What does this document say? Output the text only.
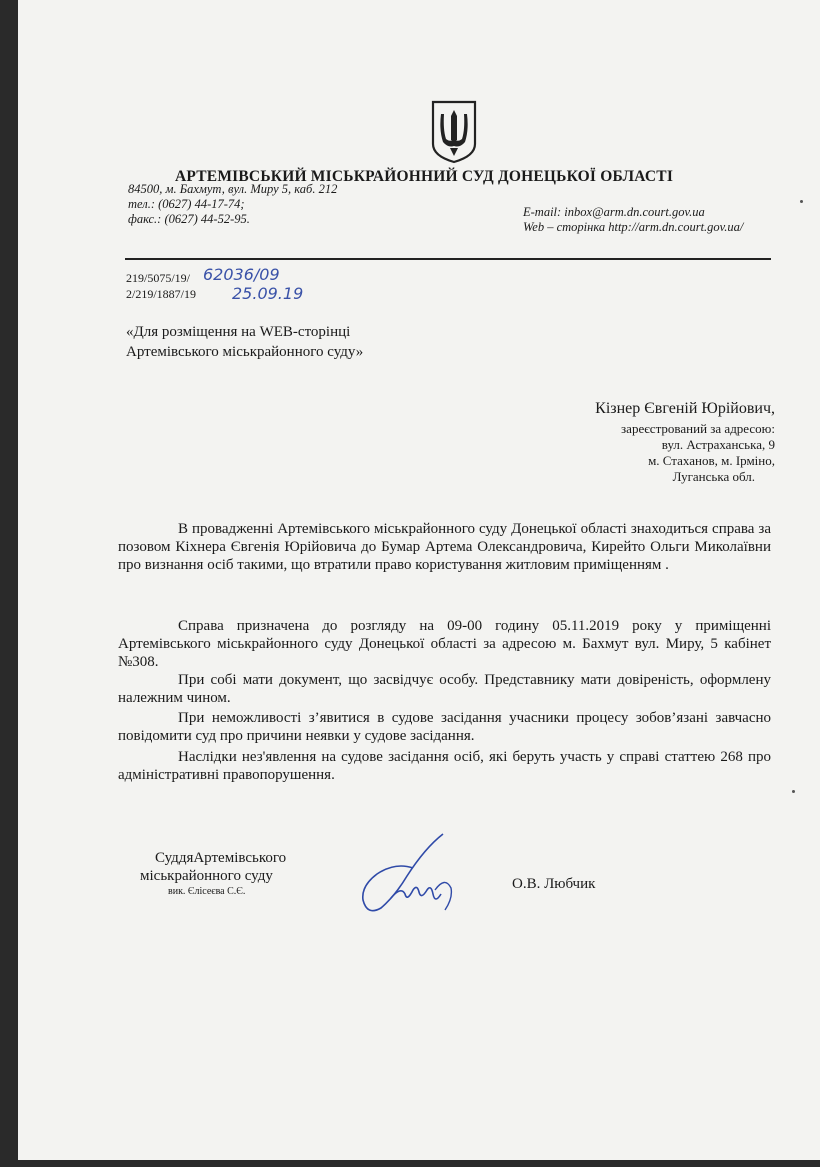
АРТЕМІВСЬКИЙ МІСЬКРАЙОННИЙ СУД ДОНЕЦЬКОЇ ОБЛАСТІ
84500, м. Бахмут, вул. Миру 5, каб. 212
тел.: (0627) 44-17-74;
факс.: (0627) 44-52-95.	E-mail: inbox@arm.dn.court.gov.ua
Web – сторінка http://arm.dn.court.gov.ua/
219/5075/19/
2/219/1887/19
62036/09
25.09.19
«Для розміщення на WEB-сторінці
Артемівського міськрайонного суду»
Кізнер Євгеній Юрійович,
зареєстрований за адресою:
вул. Астраханська, 9
м. Стаханов, м. Ірміно,
Луганська обл.
В провадженні Артемівського міськрайонного суду Донецької області знаходиться справа за позовом Кіхнера Євгенія Юрійовича до Бумар Артема Олександровича, Кирейто Ольги Миколаївни про визнання осіб такими, що втратили право користування житловим приміщенням .
Справа призначена до розгляду на 09-00 годину 05.11.2019 року у приміщенні Артемівського міськрайонного суду Донецької області за адресою м. Бахмут вул. Миру, 5 кабінет №308.
При собі мати документ, що засвідчує особу. Представнику мати довіреність, оформлену належним чином.
При неможливості з’явитися в судове засідання учасники процесу зобов’язані завчасно повідомити суд про причини неявки у судове засідання.
Наслідки нез'явлення на судове засідання осіб, які беруть участь у справі статтею 268 про адміністративні правопорушення.
СуддяАртемівського
міськрайонного суду
вик. Єлісеєва С.Є.	О.В. Любчик
